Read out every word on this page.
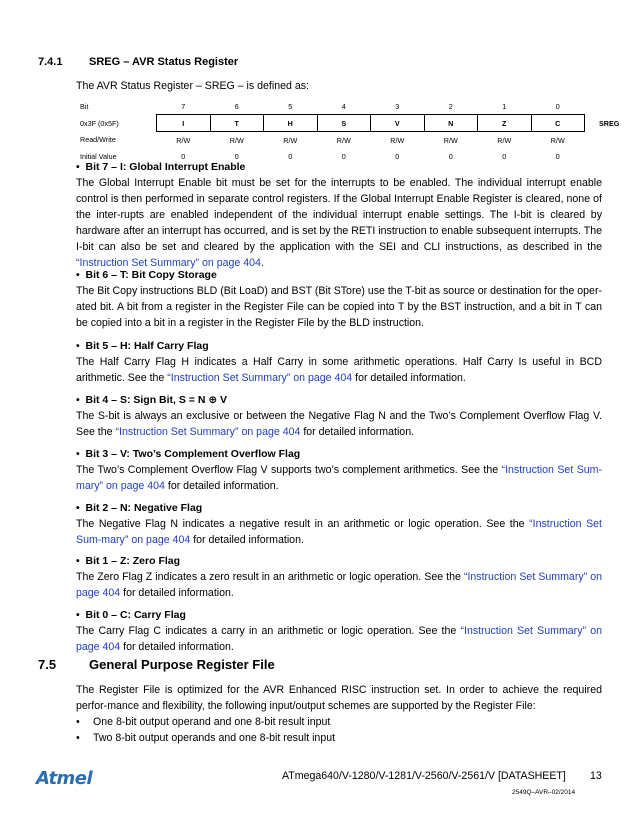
7.4.1 SREG – AVR Status Register
The AVR Status Register – SREG – is defined as:
Bit	7	6	5	4	3	2	1	0	
0x3F (0x5F)	I	T	H	S	V	N	Z	C	SREG
Read/Write	R/W	R/W	R/W	R/W	R/W	R/W	R/W	R/W	
Initial Value	0	0	0	0	0	0	0	0	
•  Bit 7 – I: Global Interrupt Enable
The Global Interrupt Enable bit must be set for the interrupts to be enabled. The individual interrupt enable control is then performed in separate control registers. If the Global Interrupt Enable Register is cleared, none of the inter-rupts are enabled independent of the individual interrupt enable settings. The I-bit is cleared by hardware after an interrupt has occurred, and is set by the RETI instruction to enable subsequent interrupts. The I-bit can also be set and cleared by the application with the SEI and CLI instructions, as described in the “Instruction Set Summary” on page 404.
•  Bit 6 – T: Bit Copy Storage
The Bit Copy instructions BLD (Bit LoaD) and BST (Bit STore) use the T-bit as source or destination for the oper-ated bit. A bit from a register in the Register File can be copied into T by the BST instruction, and a bit in T can be copied into a bit in a register in the Register File by the BLD instruction.
•  Bit 5 – H: Half Carry Flag
The Half Carry Flag H indicates a Half Carry in some arithmetic operations. Half Carry Is useful in BCD arithmetic. See the “Instruction Set Summary” on page 404 for detailed information.
•  Bit 4 – S: Sign Bit, S = N ⊕ V
The S-bit is always an exclusive or between the Negative Flag N and the Two’s Complement Overflow Flag V. See the “Instruction Set Summary” on page 404 for detailed information.
•  Bit 3 – V: Two’s Complement Overflow Flag
The Two’s Complement Overflow Flag V supports two’s complement arithmetics. See the “Instruction Set Sum-mary” on page 404 for detailed information.
•  Bit 2 – N: Negative Flag
The Negative Flag N indicates a negative result in an arithmetic or logic operation. See the “Instruction Set Sum-mary” on page 404 for detailed information.
•  Bit 1 – Z: Zero Flag
The Zero Flag Z indicates a zero result in an arithmetic or logic operation. See the “Instruction Set Summary” on page 404 for detailed information.
•  Bit 0 – C: Carry Flag
The Carry Flag C indicates a carry in an arithmetic or logic operation. See the “Instruction Set Summary” on page 404 for detailed information.
7.5	General Purpose Register File
The Register File is optimized for the AVR Enhanced RISC instruction set. In order to achieve the required perfor-mance and flexibility, the following input/output schemes are supported by the Register File:
• One 8-bit output operand and one 8-bit result input
• Two 8-bit output operands and one 8-bit result input
Atmel	ATmega640/V-1280/V-1281/V-2560/V-2561/V [DATASHEET] 13
2549Q–AVR–02/2014
